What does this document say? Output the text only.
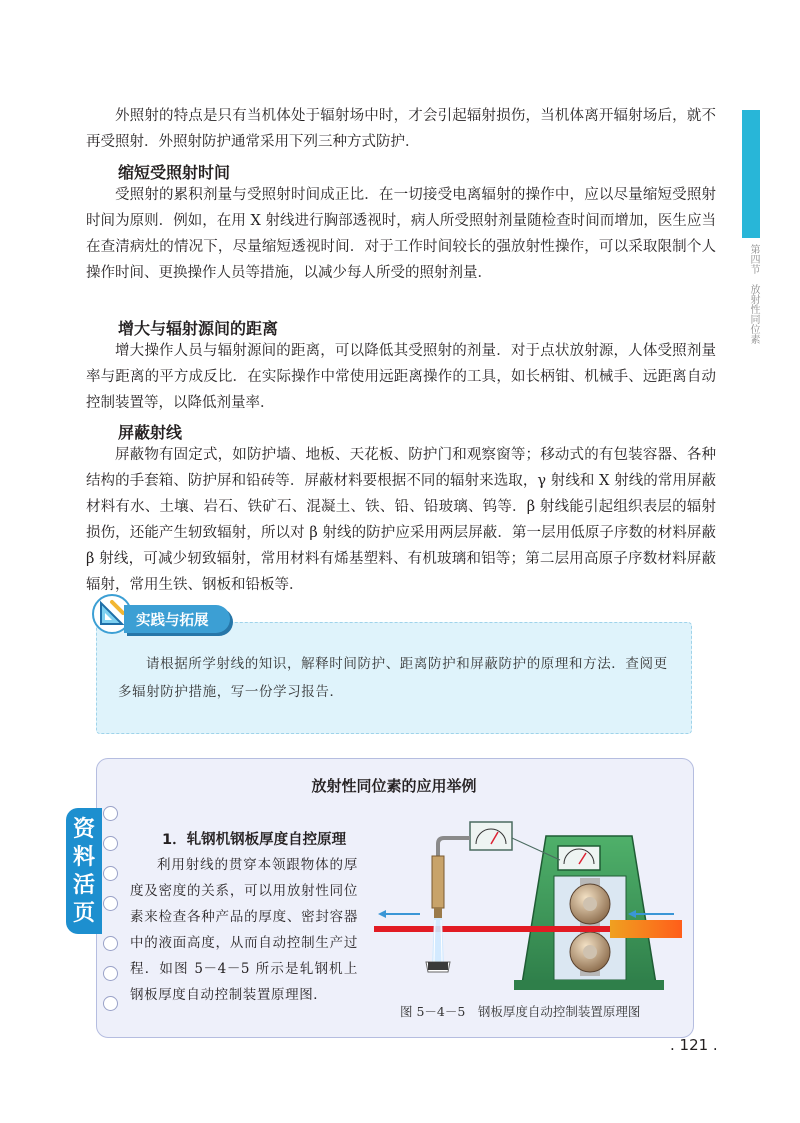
外照射的特点是只有当机体处于辐射场中时，才会引起辐射损伤，当机体离开辐射场后，就不再受照射．外照射防护通常采用下列三种方式防护．

缩短受照射时间

受照射的累积剂量与受照射时间成正比．在一切接受电离辐射的操作中，应以尽量缩短受照射时间为原则．例如，在用 X 射线进行胸部透视时，病人所受照射剂量随检查时间而增加，医生应当在查清病灶的情况下，尽量缩短透视时间．对于工作时间较长的强放射性操作，可以采取限制个人操作时间、更换操作人员等措施，以减少每人所受的照射剂量．

增大与辐射源间的距离

增大操作人员与辐射源间的距离，可以降低其受照射的剂量．对于点状放射源，人体受照剂量率与距离的平方成反比．在实际操作中常使用远距离操作的工具，如长柄钳、机械手、远距离自动控制装置等，以降低剂量率．

屏蔽射线

屏蔽物有固定式，如防护墙、地板、天花板、防护门和观察窗等；移动式的有包装容器、各种结构的手套箱、防护屏和铅砖等．屏蔽材料要根据不同的辐射来选取，γ 射线和 X 射线的常用屏蔽材料有水、土壤、岩石、铁矿石、混凝土、铁、铅、铅玻璃、钨等．β 射线能引起组织表层的辐射损伤，还能产生轫致辐射，所以对 β 射线的防护应采用两层屏蔽．第一层用低原子序数的材料屏蔽 β 射线，可减少轫致辐射，常用材料有烯基塑料、有机玻璃和铝等；第二层用高原子序数材料屏蔽辐射，常用生铁、钢板和铅板等．

第四节　放射性同位素
实践与拓展

请根据所学射线的知识，解释时间防护、距离防护和屏蔽防护的原理和方法．查阅更多辐射防护措施，写一份学习报告．

资料活页
放射性同位素的应用举例
1．轧钢机钢板厚度自控原理

利用射线的贯穿本领跟物体的厚度及密度的关系，可以用放射性同位素来检查各种产品的厚度、密封容器中的液面高度，从而自动控制生产过程．如图 5－4－5 所示是轧钢机上钢板厚度自动控制装置原理图．

图 5－4－5　钢板厚度自动控制装置原理图
. 121 .
